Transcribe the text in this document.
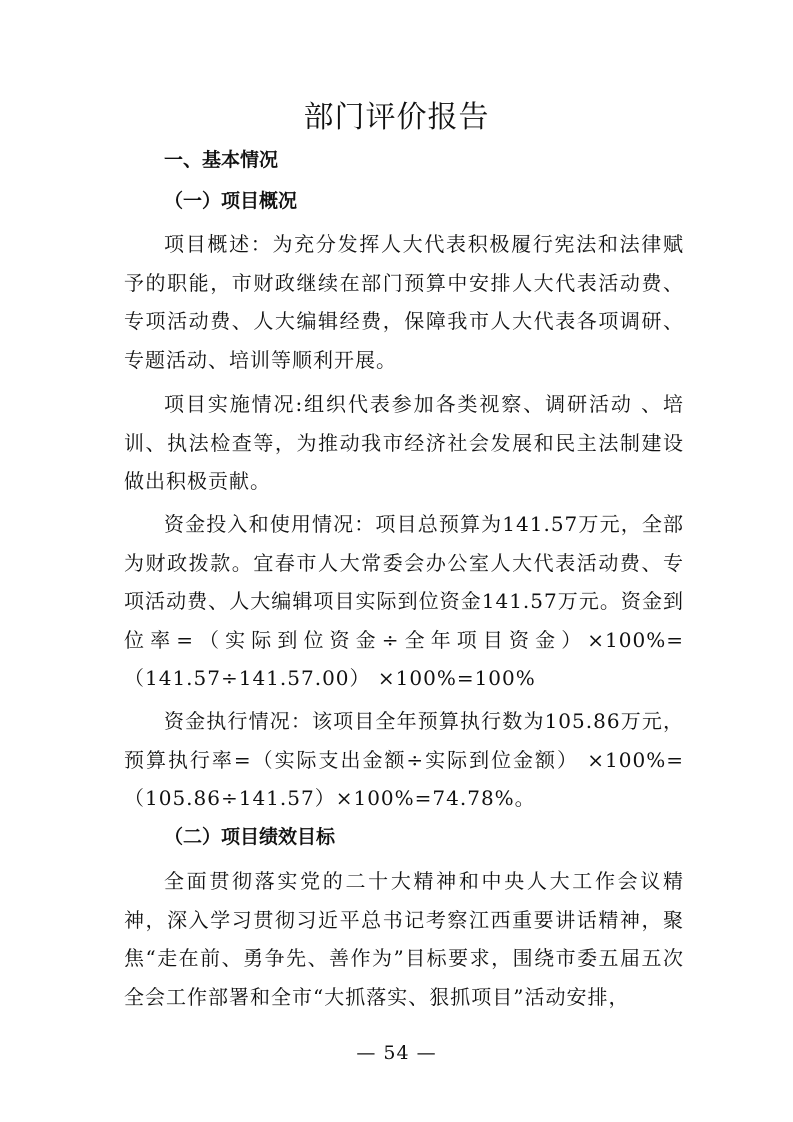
部门评价报告
一、基本情况
（一）项目概况

项目概述：为充分发挥人大代表积极履行宪法和法律赋予的职能，市财政继续在部门预算中安排人大代表活动费、专项活动费、人大编辑经费，保障我市人大代表各项调研、专题活动、培训等顺利开展。

项目实施情况:组织代表参加各类视察、调研活动 、培训、执法检查等，为推动我市经济社会发展和民主法制建设做出积极贡献。

资金投入和使用情况：项目总预算为141.57万元，全部为财政拨款。宜春市人大常委会办公室人大代表活动费、专项活动费、人大编辑项目实际到位资金141.57万元。资金到位率=（实际到位资金÷全年项目资金）×100%=（141.57÷141.57.00） ×100%=100%

资金执行情况：该项目全年预算执行数为105.86万元，预算执行率=（实际支出金额÷实际到位金额） ×100%=（105.86÷141.57）×100%=74.78%。

（二）项目绩效目标

全面贯彻落实党的二十大精神和中央人大工作会议精神，深入学习贯彻习近平总书记考察江西重要讲话精神，聚焦“走在前、勇争先、善作为”目标要求，围绕市委五届五次全会工作部署和全市“大抓落实、狠抓项目”活动安排，

— 54 —
